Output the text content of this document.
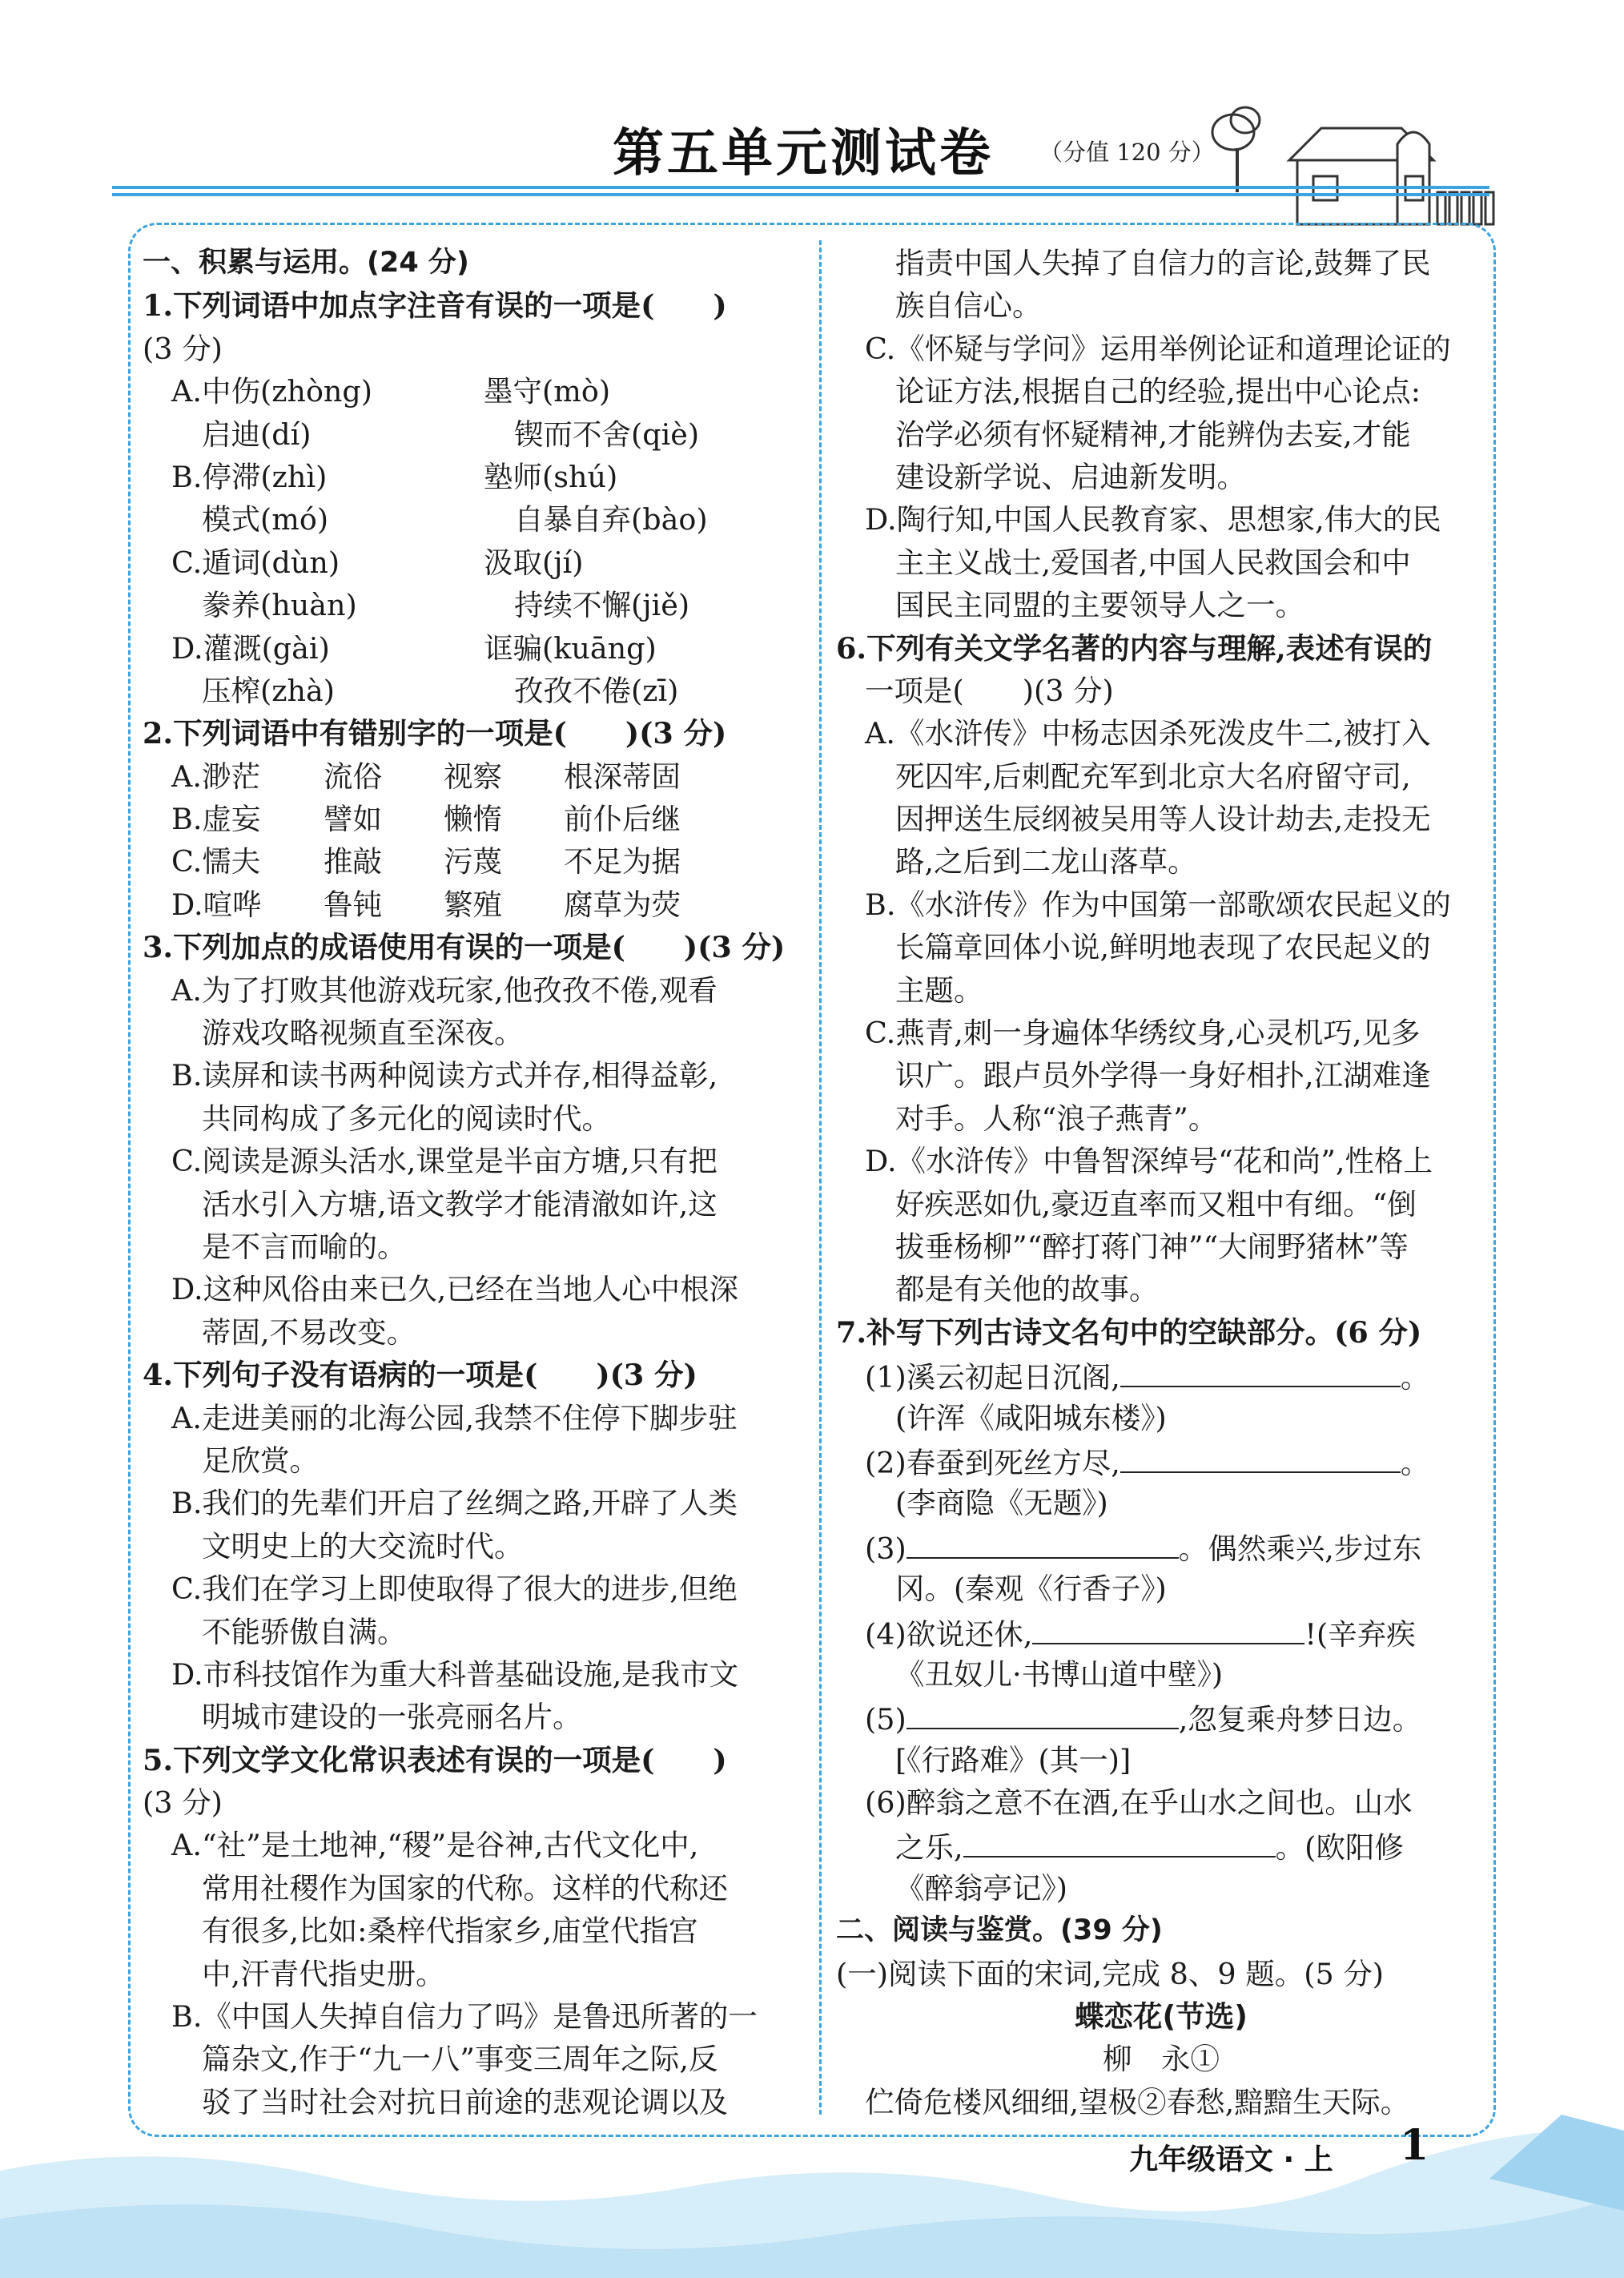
第五单元测试卷 （分值 120 分）
一、积累与运用。(24 分)
1.下列词语中加点字注音有误的一项是(　　)
(3 分)
A.中伤(zhòng)	墨守(mò)
启迪(dí)	锲而不舍(qiè)
B.停滞(zhì)	塾师(shú)
模式(mó)	自暴自弃(bào)
C.遁词(dùn)	汲取(jí)
豢养(huàn)	持续不懈(jiě)
D.灌溉(gài)	诓骗(kuāng)
压榨(zhà)	孜孜不倦(zī)
2.下列词语中有错别字的一项是(　　)(3 分)
A.渺茫 流俗 视察 根深蒂固
B.虚妄 譬如 懒惰 前仆后继
C.懦夫 推敲 污蔑 不足为据
D.喧哗 鲁钝 繁殖 腐草为荧
3.下列加点的成语使用有误的一项是(　　)(3 分)
A.为了打败其他游戏玩家,他孜孜不倦,观看
游戏攻略视频直至深夜。
B.读屏和读书两种阅读方式并存,相得益彰,
共同构成了多元化的阅读时代。
C.阅读是源头活水,课堂是半亩方塘,只有把
活水引入方塘,语文教学才能清澈如许,这
是不言而喻的。
D.这种风俗由来已久,已经在当地人心中根深
蒂固,不易改变。
4.下列句子没有语病的一项是(　　)(3 分)
A.走进美丽的北海公园,我禁不住停下脚步驻
足欣赏。
B.我们的先辈们开启了丝绸之路,开辟了人类
文明史上的大交流时代。
C.我们在学习上即使取得了很大的进步,但绝
不能骄傲自满。
D.市科技馆作为重大科普基础设施,是我市文
明城市建设的一张亮丽名片。
5.下列文学文化常识表述有误的一项是(　　)
(3 分)
A.“社”是土地神,“稷”是谷神,古代文化中,
常用社稷作为国家的代称。这样的代称还
有很多,比如:桑梓代指家乡,庙堂代指宫
中,汗青代指史册。
B.《中国人失掉自信力了吗》是鲁迅所著的一
篇杂文,作于“九一八”事变三周年之际,反
驳了当时社会对抗日前途的悲观论调以及
指责中国人失掉了自信力的言论,鼓舞了民
族自信心。
C.《怀疑与学问》运用举例论证和道理论证的
论证方法,根据自己的经验,提出中心论点:
治学必须有怀疑精神,才能辨伪去妄,才能
建设新学说、启迪新发明。
D.陶行知,中国人民教育家、思想家,伟大的民
主主义战士,爱国者,中国人民救国会和中
国民主同盟的主要领导人之一。
6.下列有关文学名著的内容与理解,表述有误的
一项是(　　)(3 分)
A.《水浒传》中杨志因杀死泼皮牛二,被打入
死囚牢,后刺配充军到北京大名府留守司,
因押送生辰纲被吴用等人设计劫去,走投无
路,之后到二龙山落草。
B.《水浒传》作为中国第一部歌颂农民起义的
长篇章回体小说,鲜明地表现了农民起义的
主题。
C.燕青,刺一身遍体华绣纹身,心灵机巧,见多
识广。跟卢员外学得一身好相扑,江湖难逢
对手。人称“浪子燕青”。
D.《水浒传》中鲁智深绰号“花和尚”,性格上
好疾恶如仇,豪迈直率而又粗中有细。“倒
拔垂杨柳”“醉打蒋门神”“大闹野猪林”等
都是有关他的故事。
7.补写下列古诗文名句中的空缺部分。(6 分)
(1)溪云初起日沉阁,	。
(许浑《咸阳城东楼》)
(2)春蚕到死丝方尽,	。
(李商隐《无题》)
(3)	。偶然乘兴,步过东
冈。(秦观《行香子》)
(4)欲说还休,	!(辛弃疾
《丑奴儿·书博山道中壁》)
(5)	,忽复乘舟梦日边。
[《行路难》(其一)]
(6)醉翁之意不在酒,在乎山水之间也。山水
之乐,	。(欧阳修
《醉翁亭记》)
二、阅读与鉴赏。(39 分)
(一)阅读下面的宋词,完成 8、9 题。(5 分)
蝶恋花(节选)
柳　永①
伫倚危楼风细细,望极②春愁,黯黯生天际。
九年级语文 · 上 1
